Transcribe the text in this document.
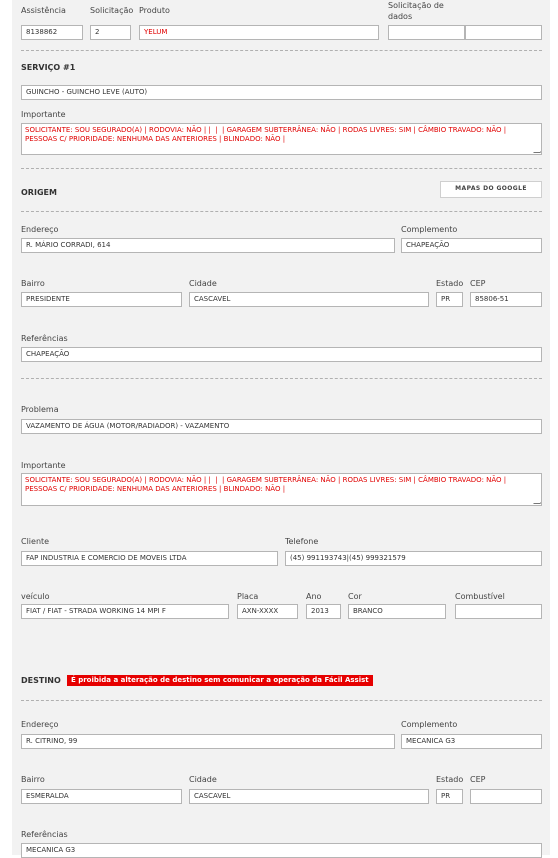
Assistência	Solicitação Produto
Solicitação de
dados
8138862	2	YELUM
SERVIÇO #1
GUINCHO - GUINCHO LEVE (AUTO)
Importante
SOLICITANTE: SOU SEGURADO(A) | RODOVIA: NÃO | |  |  | GARAGEM SUBTERRÂNEA: NÃO | RODAS LIVRES: SIM | CÂMBIO TRAVADO: NÃO |
PESSOAS C/ PRIORIDADE: NENHUMA DAS ANTERIORES | BLINDADO: NÃO |
ORIGEM	MAPAS DO GOOGLE
Endereço	Complemento
R. MÁRIO CORRADI, 614	CHAPEAÇÃO
Bairro	Cidade	Estado CEP
PRESIDENTE	CASCAVEL	PR	85806-51
Referências
CHAPEAÇÃO
Problema
VAZAMENTO DE ÁGUA (MOTOR/RADIADOR) - VAZAMENTO
Importante
SOLICITANTE: SOU SEGURADO(A) | RODOVIA: NÃO | |  |  | GARAGEM SUBTERRÂNEA: NÃO | RODAS LIVRES: SIM | CÂMBIO TRAVADO: NÃO |
PESSOAS C/ PRIORIDADE: NENHUMA DAS ANTERIORES | BLINDADO: NÃO |
Cliente	Telefone
FAP INDUSTRIA E COMERCIO DE MOVEIS LTDA	(45) 991193743|(45) 999321579
veículo	Placa	Ano	Cor	Combustível
FIAT / FIAT - STRADA WORKING 14 MPI F	AXN-XXXX	2013	BRANCO
DESTINO	É proibida a alteração de destino sem comunicar a operação da Fácil Assist
Endereço	Complemento
R. CITRINO, 99	MECANICA G3
Bairro	Cidade	Estado CEP
ESMERALDA	CASCAVEL	PR
Referências
MECANICA G3
